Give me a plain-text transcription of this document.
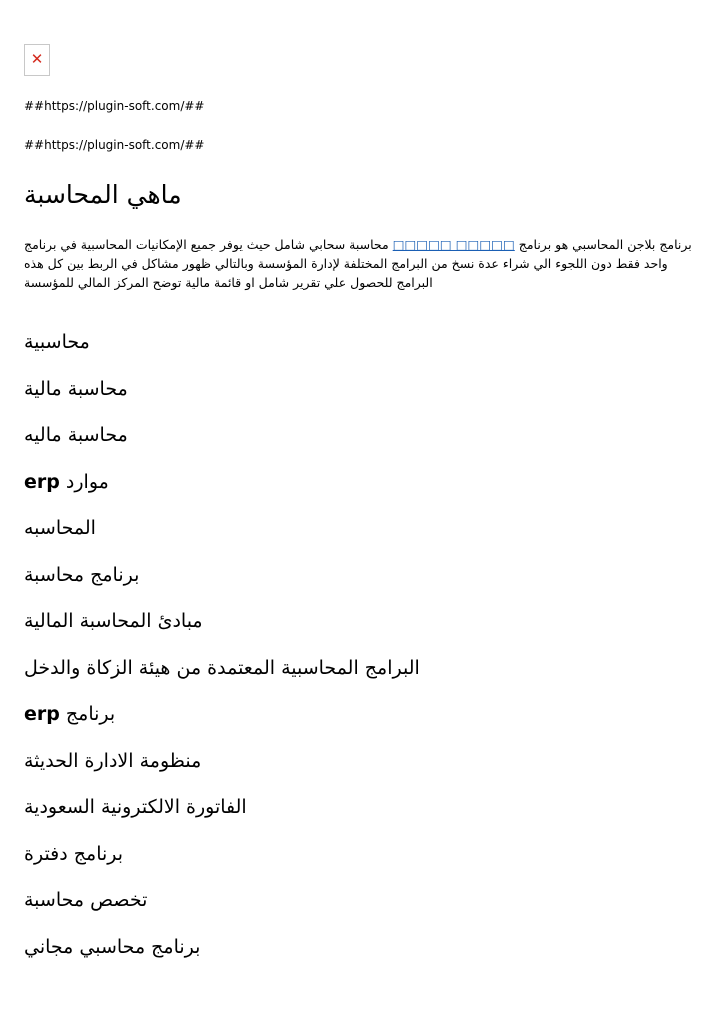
✕
##https://plugin-soft.com/##
##https://plugin-soft.com/##
ماهي المحاسبة

برنامج بلاجن المحاسبي هو برنامج □□□□□ □□□□□ محاسبة سحابي شامل حيث يوفر جميع الإمكانيات المحاسبية في برنامج واحد فقط دون اللجوء الي شراء عدة نسخ من البرامج المختلفة لإدارة المؤسسة وبالتالي ظهور مشاكل في الربط بين كل هذه البرامج للحصول علي تقرير شامل او قائمة مالية توضح المركز المالي للمؤسسة

محاسبية
محاسبة مالية
محاسبة ماليه
موارد erp
المحاسبه
برنامج محاسبة
مبادئ المحاسبة المالية
البرامج المحاسبية المعتمدة من هيئة الزكاة والدخل
برنامج erp
منظومة الادارة الحديثة
الفاتورة الالكترونية السعودية
برنامج دفترة
تخصص محاسبة
برنامج محاسبي مجاني
